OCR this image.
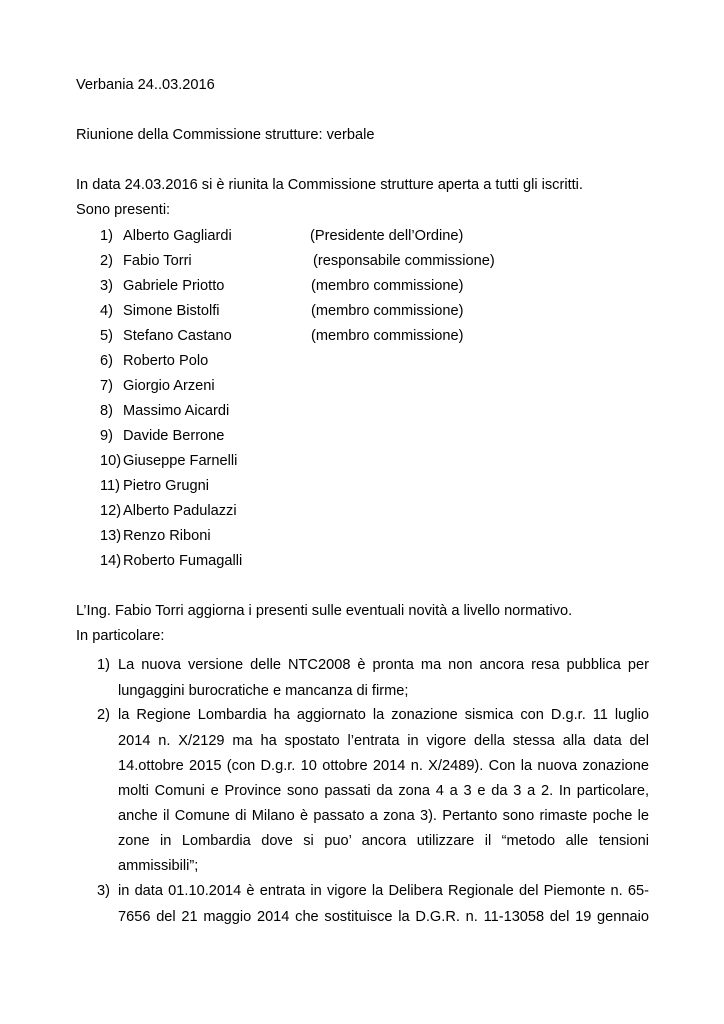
Verbania 24..03.2016
Riunione della Commissione strutture: verbale
In data 24.03.2016 si è riunita la Commissione strutture aperta a tutti gli iscritti.
Sono presenti:
1) Alberto Gagliardi	(Presidente dell’Ordine)
2) Fabio Torri	(responsabile commissione)
3) Gabriele Priotto	(membro commissione)
4) Simone Bistolfi	(membro commissione)
5) Stefano Castano	(membro commissione)
6) Roberto Polo
7) Giorgio Arzeni
8) Massimo Aicardi
9) Davide Berrone
10) Giuseppe Farnelli
11) Pietro Grugni
12) Alberto Padulazzi
13) Renzo Riboni
14) Roberto Fumagalli
L’Ing. Fabio Torri aggiorna i presenti sulle eventuali novità a livello normativo.
In particolare:
1) La nuova versione delle NTC2008 è pronta ma non ancora resa pubblica per
lungaggini burocratiche e mancanza di firme;
2) la Regione Lombardia ha aggiornato la zonazione sismica con D.g.r. 11 luglio
2014 n. X/2129 ma ha spostato l’entrata in vigore della stessa alla data del
14.ottobre 2015 (con D.g.r. 10 ottobre 2014 n. X/2489). Con la nuova zonazione
molti Comuni e Province sono passati da zona 4 a 3 e da 3 a 2. In particolare,
anche il Comune di Milano è passato a zona 3). Pertanto sono rimaste poche le
zone in Lombardia dove si puo’ ancora utilizzare il “metodo alle tensioni
ammissibili”;
3) in data 01.10.2014 è entrata in vigore la Delibera Regionale del Piemonte n. 65-
7656 del 21 maggio 2014 che sostituisce la D.G.R. n. 11-13058 del 19 gennaio
